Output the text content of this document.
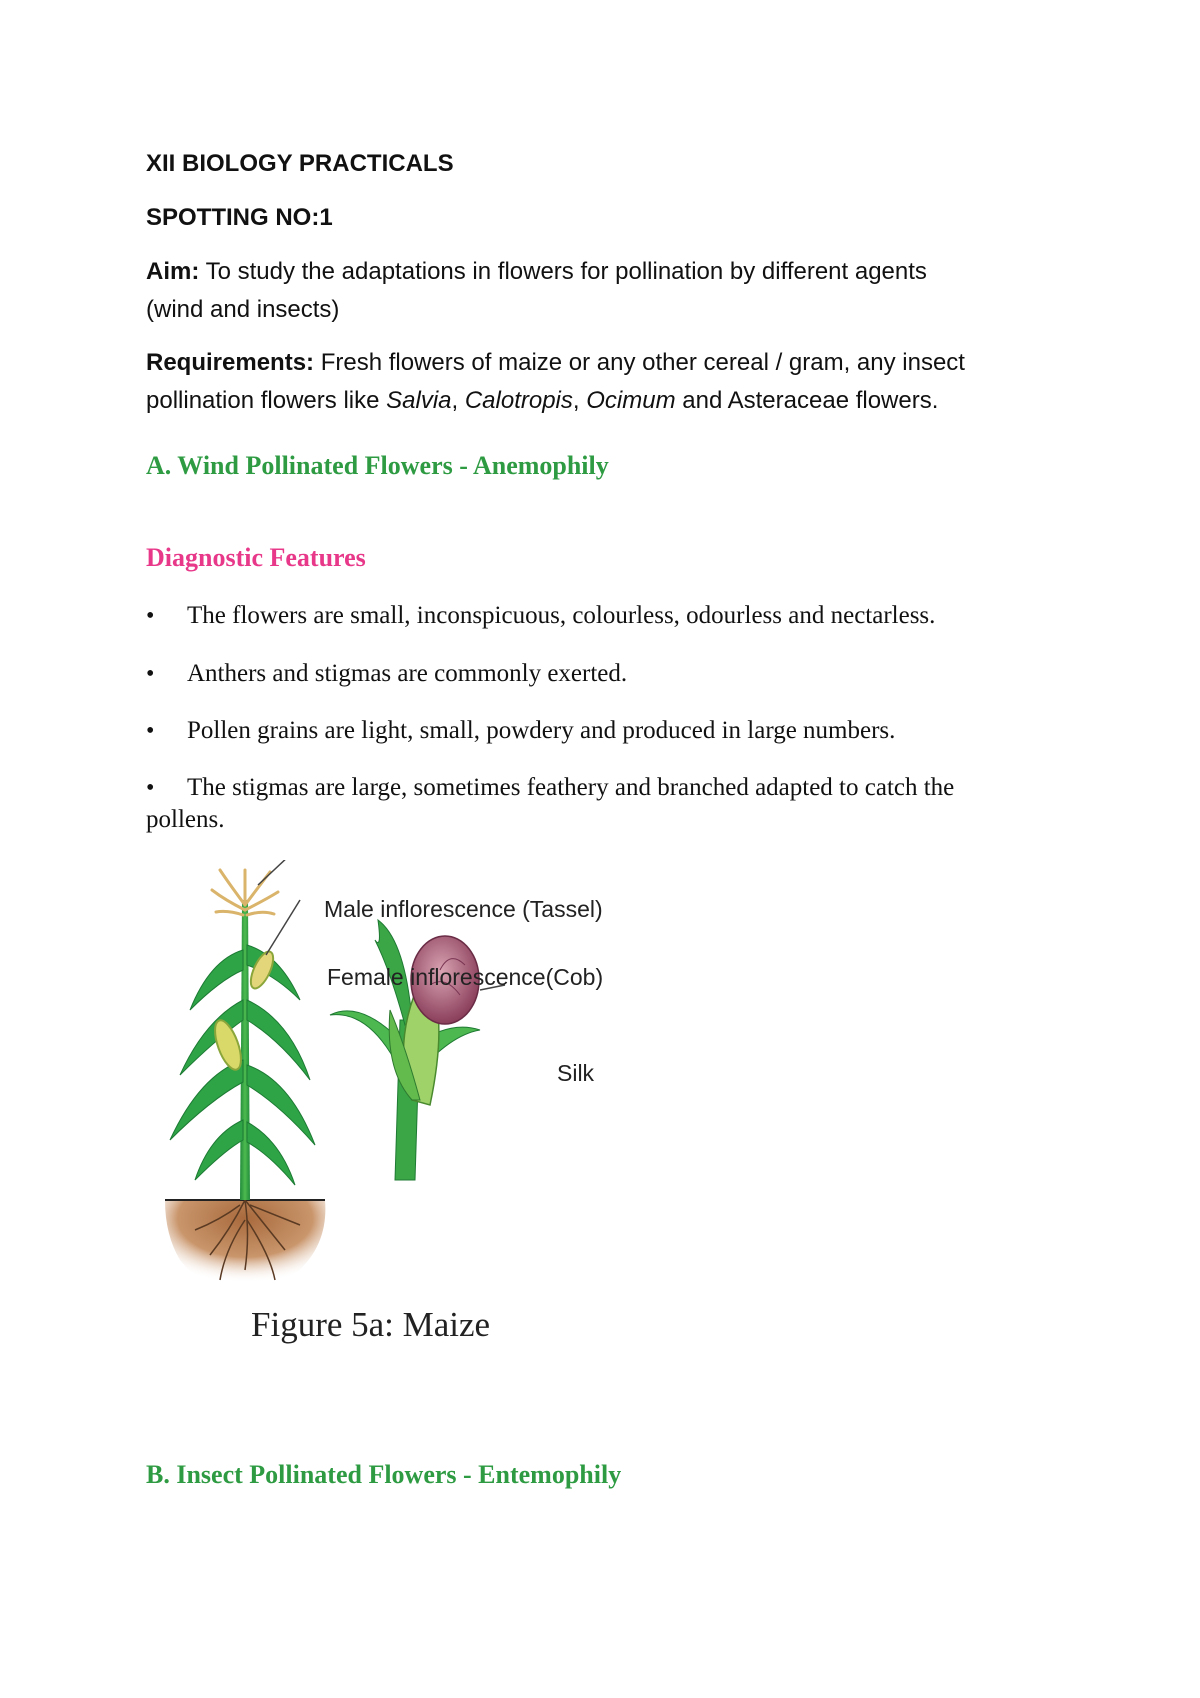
XII BIOLOGY PRACTICALS
SPOTTING NO:1
Aim: To study the adaptations in flowers for pollination by different agents
(wind and insects)
Requirements: Fresh flowers of maize or any other cereal / gram, any insect
pollination flowers like Salvia, Calotropis, Ocimum and Asteraceae flowers.
A. Wind Pollinated Flowers - Anemophily
Diagnostic Features
• The flowers are small, inconspicuous, colourless, odourless and nectarless.
• Anthers and stigmas are commonly exerted.
• Pollen grains are light, small, powdery and produced in large numbers.
• The stigmas are large, sometimes feathery and branched adapted to catch the
pollens.
Male inflorescence (Tassel)
Female inflorescence(Cob)
Silk
Figure 5a: Maize
B. Insect Pollinated Flowers - Entemophily
